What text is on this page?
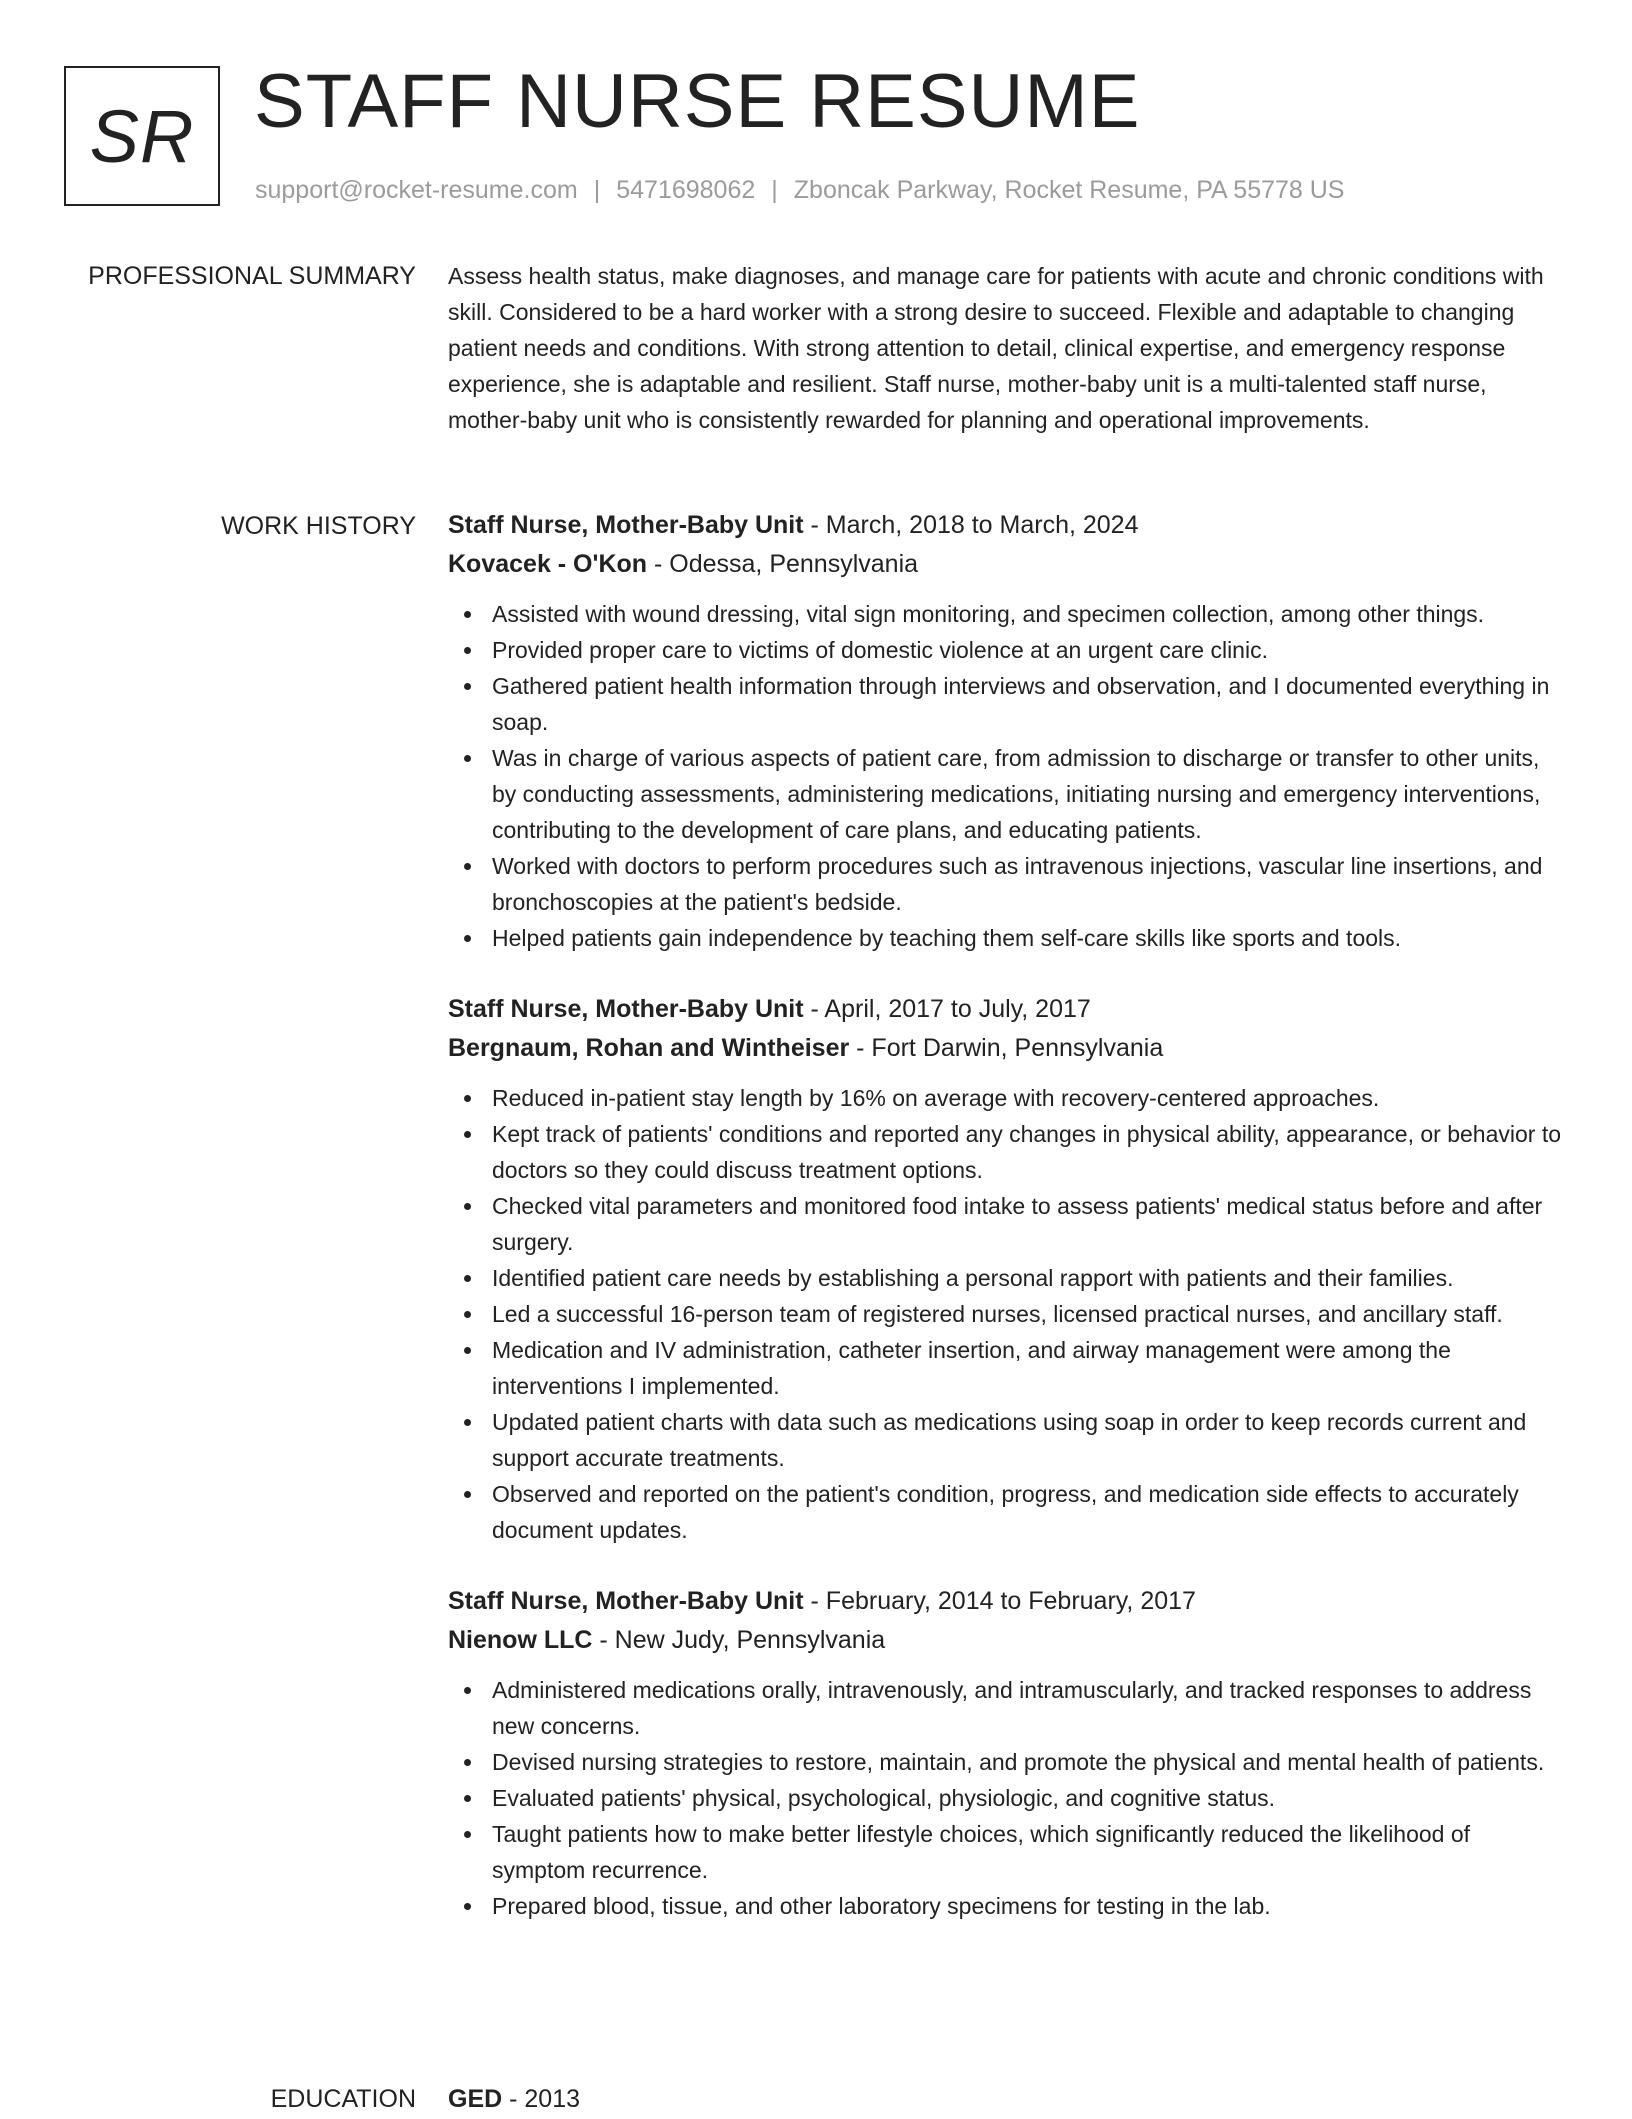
SR STAFF NURSE RESUME
support@rocket-resume.com | 5471698062 | Zboncak Parkway, Rocket Resume, PA 55778 US
PROFESSIONAL SUMMARY Assess health status, make diagnoses, and manage care for patients with acute and chronic conditions with skill. Considered to be a hard worker with a strong desire to succeed. Flexible and adaptable to changing patient needs and conditions. With strong attention to detail, clinical expertise, and emergency response experience, she is adaptable and resilient. Staff nurse, mother-baby unit is a multi-talented staff nurse, mother-baby unit who is consistently rewarded for planning and operational improvements.

WORK HISTORY Staff Nurse, Mother-Baby Unit - March, 2018 to March, 2024
Kovacek - O'Kon - Odessa, Pennsylvania
Assisted with wound dressing, vital sign monitoring, and specimen collection, among other things.
Provided proper care to victims of domestic violence at an urgent care clinic.
Gathered patient health information through interviews and observation, and I documented everything in soap.
Was in charge of various aspects of patient care, from admission to discharge or transfer to other units, by conducting assessments, administering medications, initiating nursing and emergency interventions, contributing to the development of care plans, and educating patients.
Worked with doctors to perform procedures such as intravenous injections, vascular line insertions, and bronchoscopies at the patient's bedside.
Helped patients gain independence by teaching them self-care skills like sports and tools.
Staff Nurse, Mother-Baby Unit - April, 2017 to July, 2017
Bergnaum, Rohan and Wintheiser - Fort Darwin, Pennsylvania
Reduced in-patient stay length by 16% on average with recovery-centered approaches.
Kept track of patients' conditions and reported any changes in physical ability, appearance, or behavior to doctors so they could discuss treatment options.
Checked vital parameters and monitored food intake to assess patients' medical status before and after surgery.
Identified patient care needs by establishing a personal rapport with patients and their families.
Led a successful 16-person team of registered nurses, licensed practical nurses, and ancillary staff.
Medication and IV administration, catheter insertion, and airway management were among the interventions I implemented.
Updated patient charts with data such as medications using soap in order to keep records current and support accurate treatments.
Observed and reported on the patient's condition, progress, and medication side effects to accurately document updates.
Staff Nurse, Mother-Baby Unit - February, 2014 to February, 2017
Nienow LLC - New Judy, Pennsylvania
Administered medications orally, intravenously, and intramuscularly, and tracked responses to address new concerns.
Devised nursing strategies to restore, maintain, and promote the physical and mental health of patients.
Evaluated patients' physical, psychological, physiologic, and cognitive status.
Taught patients how to make better lifestyle choices, which significantly reduced the likelihood of symptom recurrence.
Prepared blood, tissue, and other laboratory specimens for testing in the lab.
EDUCATION GED - 2013
